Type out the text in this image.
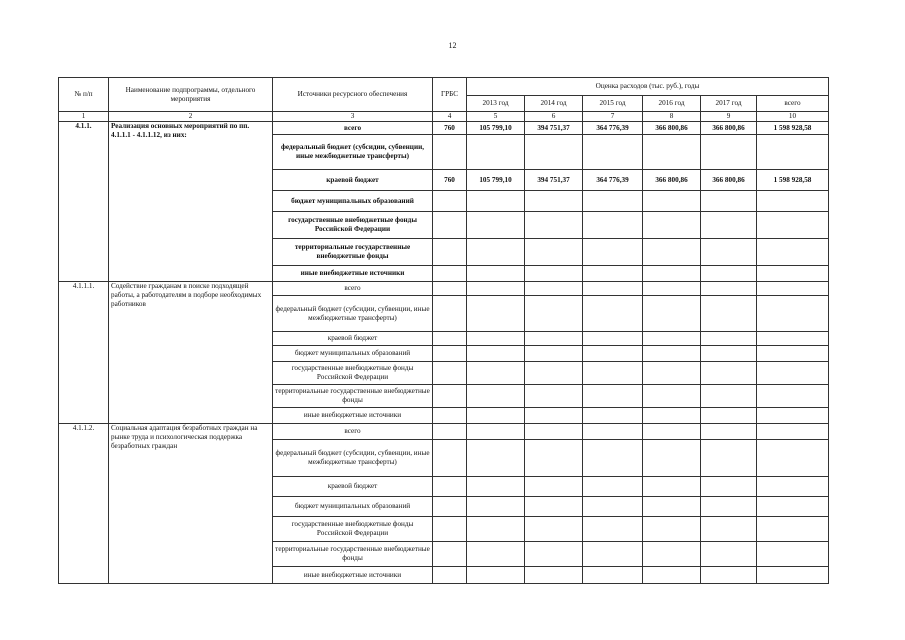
12
№ п/п	Наименование подпрограммы, отдельного мероприятия	Источники ресурсного обеспечения	ГРБС	Оценка расходов (тыс. руб.), годы					
				2013 год	2014 год	2015 год	2016 год	2017 год	всего
1	2	3	4	5	6	7	8	9	10
4.1.1.	Реализация основных мероприятий по пп. 4.1.1.1 - 4.1.1.12, из них:	всего	760	105 799,10	394 751,37	364 776,39	366 800,86	366 800,86	1 598 928,58
		федеральный бюджет (субсидии, субвенции, иные межбюджетные трансферты)							
		краевой бюджет	760	105 799,10	394 751,37	364 776,39	366 800,86	366 800,86	1 598 928,58
		бюджет муниципальных образований							
		государственные внебюджетные фонды Российской Федерации							
		территориальные государственные внебюджетные фонды							
		иные внебюджетные источники							
4.1.1.1.	Содействие гражданам в поиске подходящей работы, а работодателям в подборе необходимых работников	всего							
		федеральный бюджет (субсидии, субвенции, иные межбюджетные трансферты)							
		краевой бюджет							
		бюджет муниципальных образований							
		государственные внебюджетные фонды Российской Федерации							
		территориальные государственные внебюджетные фонды							
		иные внебюджетные источники							
4.1.1.2.	Социальная адаптация безработных граждан на рынке труда и психологическая поддержка безработных граждан	всего							
		федеральный бюджет (субсидии, субвенции, иные межбюджетные трансферты)							
		краевой бюджет							
		бюджет муниципальных образований							
		государственные внебюджетные фонды Российской Федерации							
		территориальные государственные внебюджетные фонды							
		иные внебюджетные источники							
